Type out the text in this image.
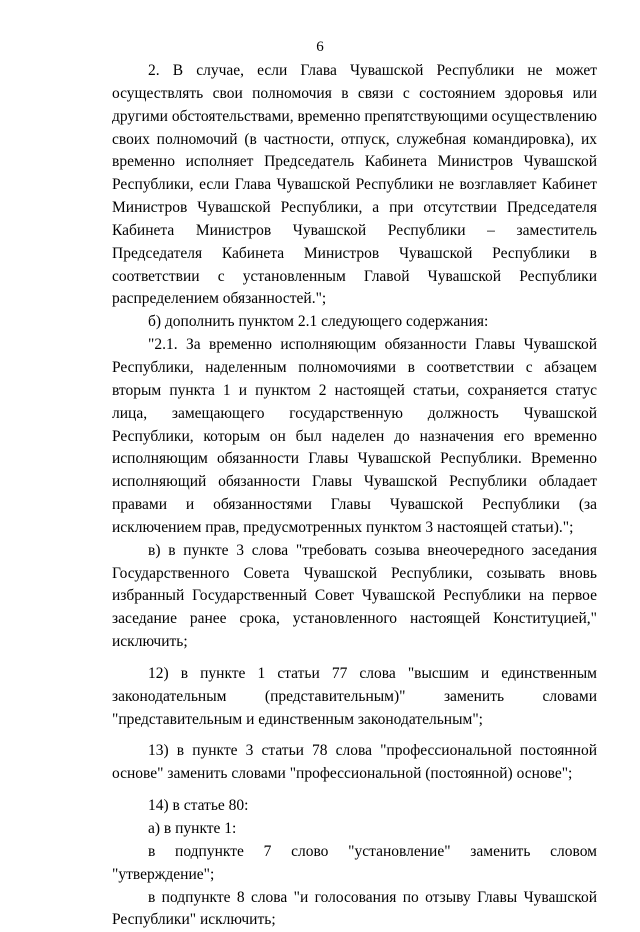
6

2. В случае, если Глава Чувашской Республики не может осуществлять свои полномочия в связи с состоянием здоровья или другими обстоятельствами, временно препятствующими осуществлению своих полномочий (в частности, отпуск, служебная командировка), их временно исполняет Председатель Кабинета Министров Чувашской Республики, если Глава Чувашской Республики не возглавляет Кабинет Министров Чувашской Республики, а при отсутствии Председателя Кабинета Министров Чувашской Республики – заместитель Председателя Кабинета Министров Чувашской Республики в соответствии с установленным Главой Чувашской Республики распределением обязанностей.";

б) дополнить пунктом 2.1 следующего содержания:

"2.1. За временно исполняющим обязанности Главы Чувашской Республики, наделенным полномочиями в соответствии с абзацем вторым пункта 1 и пунктом 2 настоящей статьи, сохраняется статус лица, замещающего государственную должность Чувашской Республики, которым он был наделен до назначения его временно исполняющим обязанности Главы Чувашской Республики. Временно исполняющий обязанности Главы Чувашской Республики обладает правами и обязанностями Главы Чувашской Республики (за исключением прав, предусмотренных пунктом 3 настоящей статьи).";

в) в пункте 3 слова "требовать созыва внеочередного заседания Государственного Совета Чувашской Республики, созывать вновь избранный Государственный Совет Чувашской Республики на первое заседание ранее срока, установленного настоящей Конституцией," исключить;

12) в пункте 1 статьи 77 слова "высшим и единственным законодательным (представительным)" заменить словами "представительным и единственным законодательным";

13) в пункте 3 статьи 78 слова "профессиональной постоянной основе" заменить словами "профессиональной (постоянной) основе";

14) в статье 80:

а) в пункте 1:

в подпункте 7 слово "установление" заменить словом "утверждение";

в подпункте 8 слова "и голосования по отзыву Главы Чувашской Республики" исключить;
